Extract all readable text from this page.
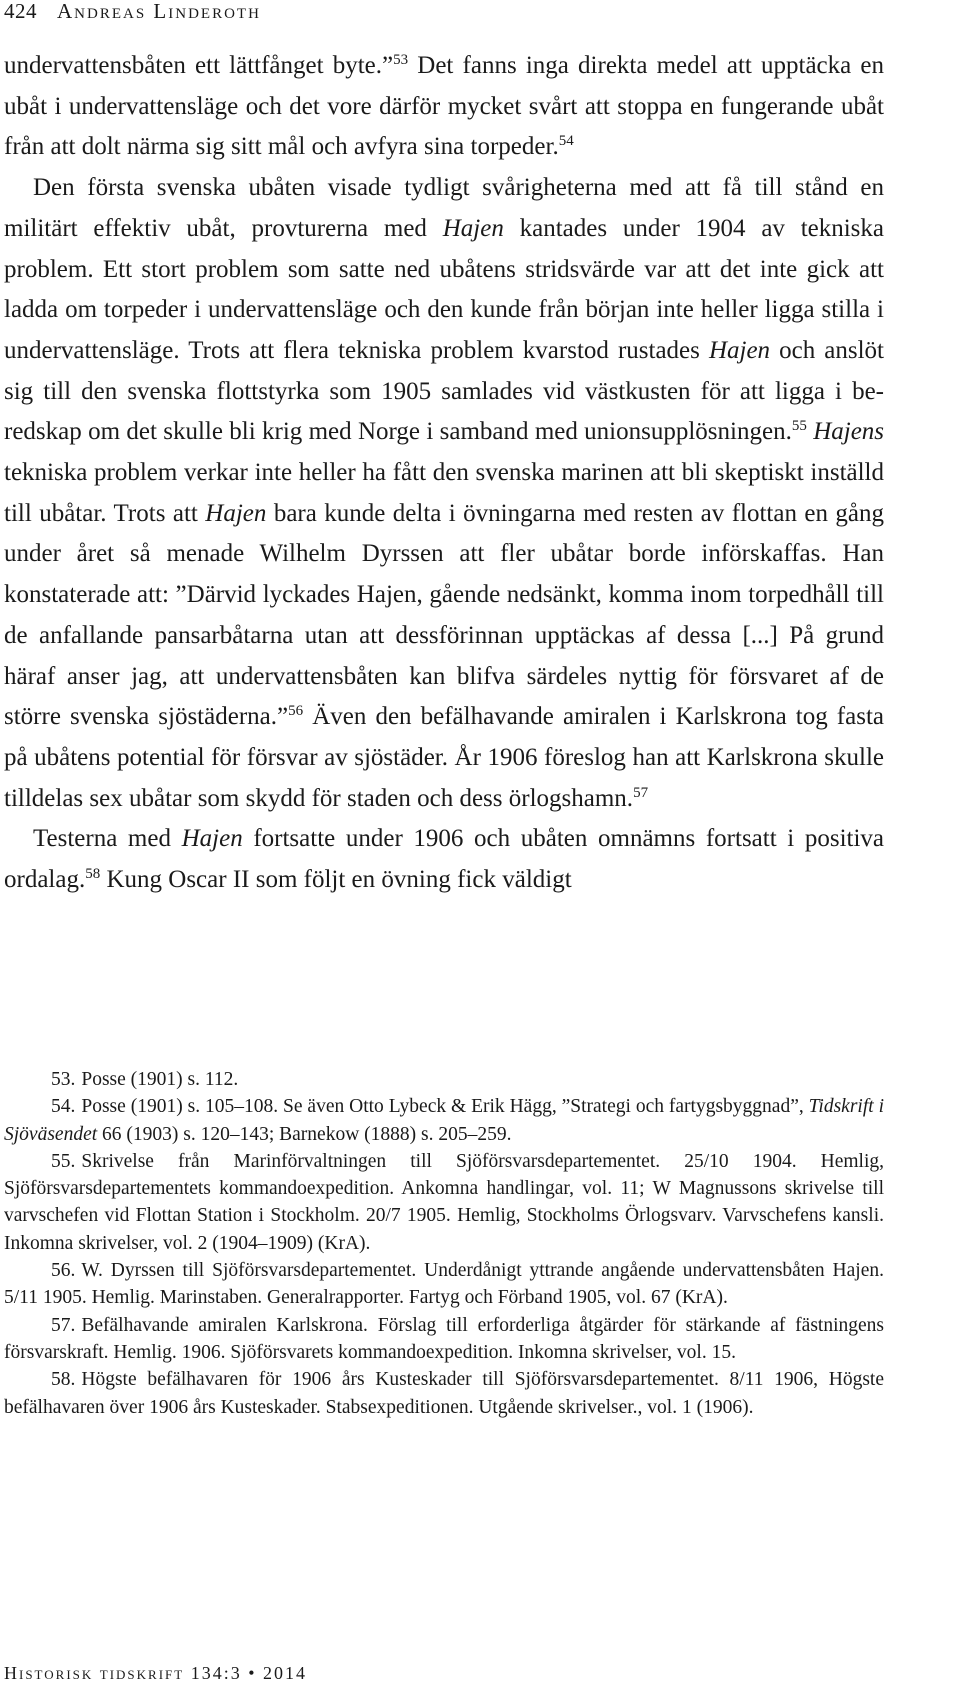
424 Andreas Linderoth

undervattensbåten ett lättfånget byte.”$^{53}$ Det fanns inga direkta medel att upptäcka en ubåt i undervattensläge och det vore därför mycket svårt att stoppa en fungerande ubåt från att dolt närma sig sitt mål och avfyra sina torpeder.$^{54}$

Den första svenska ubåten visade tydligt svårigheterna med att få till stånd en militärt effektiv ubåt, provturerna med Hajen kantades under 1904 av tekniska problem. Ett stort problem som satte ned ubåtens stridsvärde var att det inte gick att ladda om torpeder i undervattensläge och den kunde från början inte heller ligga stilla i undervattensläge. Trots att flera tekniska problem kvarstod rustades Hajen och anslöt sig till den svenska flottstyrka som 1905 samlades vid västkusten för att ligga i beredskap om det skulle bli krig med Norge i samband med unionsupplösningen.$^{55}$ Hajens tekniska problem verkar inte heller ha fått den svenska marinen att bli skeptiskt inställd till ubåtar. Trots att Hajen bara kunde delta i övningarna med resten av flottan en gång under året så menade Wilhelm Dyrssen att fler ubåtar borde införskaffas. Han konstaterade att: ”Därvid lyckades Hajen, gående nedsänkt, komma inom torpedhåll till de anfallande pansarbåtarna utan att dessförinnan upptäckas af dessa [...] På grund häraf anser jag, att undervattensbåten kan blifva särdeles nyttig för försvaret af de större svenska sjöstäderna.”$^{56}$ Även den befälhavande amiralen i Karlskrona tog fasta på ubåtens potential för försvar av sjöstäder. År 1906 föreslog han att Karlskrona skulle tilldelas sex ubåtar som skydd för staden och dess örlogshamn.$^{57}$

Testerna med Hajen fortsatte under 1906 och ubåten omnämns fortsatt i positiva ordalag.$^{58}$ Kung Oscar II som följt en övning fick väldigt

53. Posse (1901) s. 112.

54. Posse (1901) s. 105–108. Se även Otto Lybeck & Erik Hägg, ”Strategi och fartygsbyggnad”, Tidskrift i Sjöväsendet 66 (1903) s. 120–143; Barnekow (1888) s. 205–259.

55. Skrivelse från Marinförvaltningen till Sjöförsvarsdepartementet. 25/10 1904. Hemlig, Sjöförsvarsdepartementets kommandoexpedition. Ankomna handlingar, vol. 11; W Magnussons skrivelse till varvschefen vid Flottan Station i Stockholm. 20/7 1905. Hemlig, Stockholms Örlogsvarv. Varvschefens kansli. Inkomna skrivelser, vol. 2 (1904–1909) (KrA).

56. W. Dyrssen till Sjöförsvarsdepartementet. Underdånigt yttrande angående undervattensbåten Hajen. 5/11 1905. Hemlig. Marinstaben. Generalrapporter. Fartyg och Förband 1905, vol. 67 (KrA).

57. Befälhavande amiralen Karlskrona. Förslag till erforderliga åtgärder för stärkande af fästningens försvarskraft. Hemlig. 1906. Sjöförsvarets kommandoexpedition. Inkomna skrivelser, vol. 15.

58. Högste befälhavaren för 1906 års Kusteskader till Sjöförsvarsdepartementet. 8/11 1906, Högste befälhavaren över 1906 års Kusteskader. Stabsexpeditionen. Utgående skrivelser., vol. 1 (1906).

Historisk tidskrift 134:3 • 2014
